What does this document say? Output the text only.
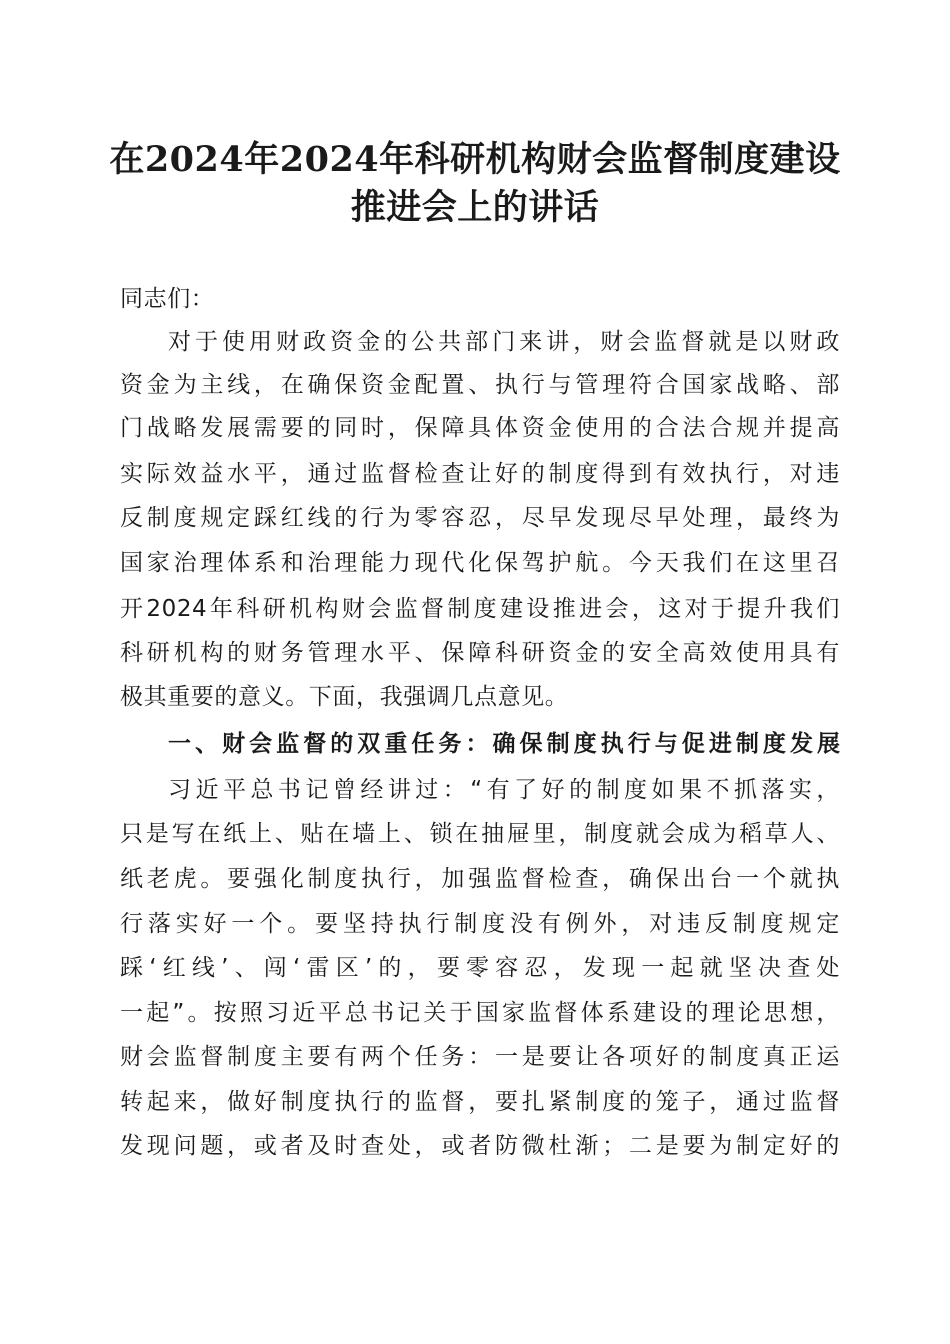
在2024年2024年科研机构财会监督制度建设
推进会上的讲话
同志们：
对于使用财政资金的公共部门来讲，财会监督就是以财政
资金为主线，在确保资金配置、执行与管理符合国家战略、部
门战略发展需要的同时，保障具体资金使用的合法合规并提高
实际效益水平，通过监督检查让好的制度得到有效执行，对违
反制度规定踩红线的行为零容忍，尽早发现尽早处理，最终为
国家治理体系和治理能力现代化保驾护航。今天我们在这里召
开2024年科研机构财会监督制度建设推进会，这对于提升我们
科研机构的财务管理水平、保障科研资金的安全高效使用具有
极其重要的意义。下面，我强调几点意见。
一、财会监督的双重任务：确保制度执行与促进制度发展
习近平总书记曾经讲过：“有了好的制度如果不抓落实，
只是写在纸上、贴在墙上、锁在抽屉里，制度就会成为稻草人、
纸老虎。要强化制度执行，加强监督检查，确保出台一个就执
行落实好一个。要坚持执行制度没有例外，对违反制度规定
踩‘红线’、闯‘雷区’的，要零容忍，发现一起就坚决查处
一起”。按照习近平总书记关于国家监督体系建设的理论思想，
财会监督制度主要有两个任务：一是要让各项好的制度真正运
转起来，做好制度执行的监督，要扎紧制度的笼子，通过监督
发现问题，或者及时查处，或者防微杜渐；二是要为制定好的
